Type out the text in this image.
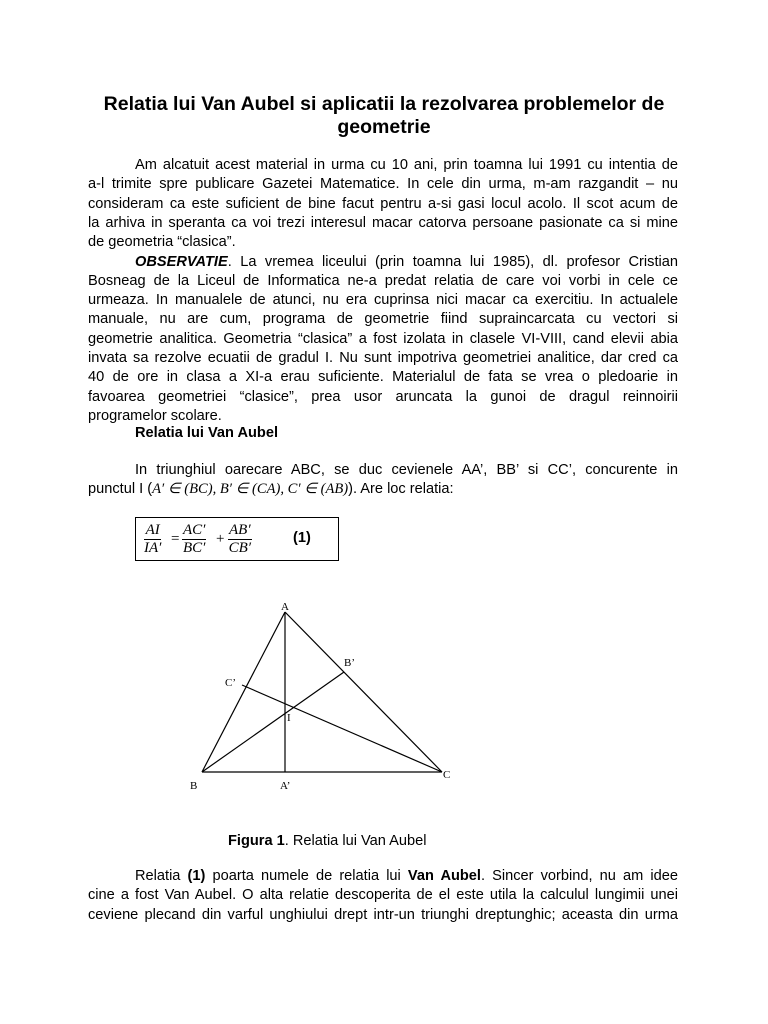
Relatia lui Van Aubel si aplicatii la rezolvarea problemelor de
geometrie
Am alcatuit acest material in urma cu 10 ani, prin toamna lui 1991 cu intentia de
a-l trimite spre publicare Gazetei Matematice. In cele din urma, m-am razgandit – nu
consideram ca este suficient de bine facut pentru a-si gasi locul acolo. Il scot acum de
la arhiva in speranta ca voi trezi interesul macar catorva persoane pasionate ca si mine
de geometria “clasica”.
OBSERVATIE. La vremea liceului (prin toamna lui 1985), dl. profesor Cristian
Bosneag de la Liceul de Informatica ne-a predat relatia de care voi vorbi in cele ce
urmeaza. In manualele de atunci, nu era cuprinsa nici macar ca exercitiu. In actualele
manuale, nu are cum, programa de geometrie fiind supraincarcata cu vectori si
geometrie analitica. Geometria “clasica” a fost izolata in clasele VI-VIII, cand elevii abia
invata sa rezolve ecuatii de gradul I. Nu sunt impotriva geometriei analitice, dar cred ca
40 de ore in clasa a XI-a erau suficiente. Materialul de fata se vrea o pledoarie in
favoarea geometriei “clasice”, prea usor aruncata la gunoi de dragul reinnoirii
programelor scolare.
Relatia lui Van Aubel
In triunghiul oarecare ABC, se duc cevienele AA’, BB’ si CC’, concurente in
punctul I (A′ ∈ (BC), B′ ∈ (CA), C′ ∈ (AB)). Are loc relatia:
$\frac{AI}{IA'} = \frac{AC'}{BC'} + \frac{AB'}{CB'}$	(1)
A
B
C
A’
B’
C’
I
Figura 1. Relatia lui Van Aubel
Relatia (1) poarta numele de relatia lui Van Aubel. Sincer vorbind, nu am idee
cine a fost Van Aubel. O alta relatie descoperita de el este utila la calculul lungimii unei
ceviene plecand din varful unghiului drept intr-un triunghi dreptunghic; aceasta din urma
